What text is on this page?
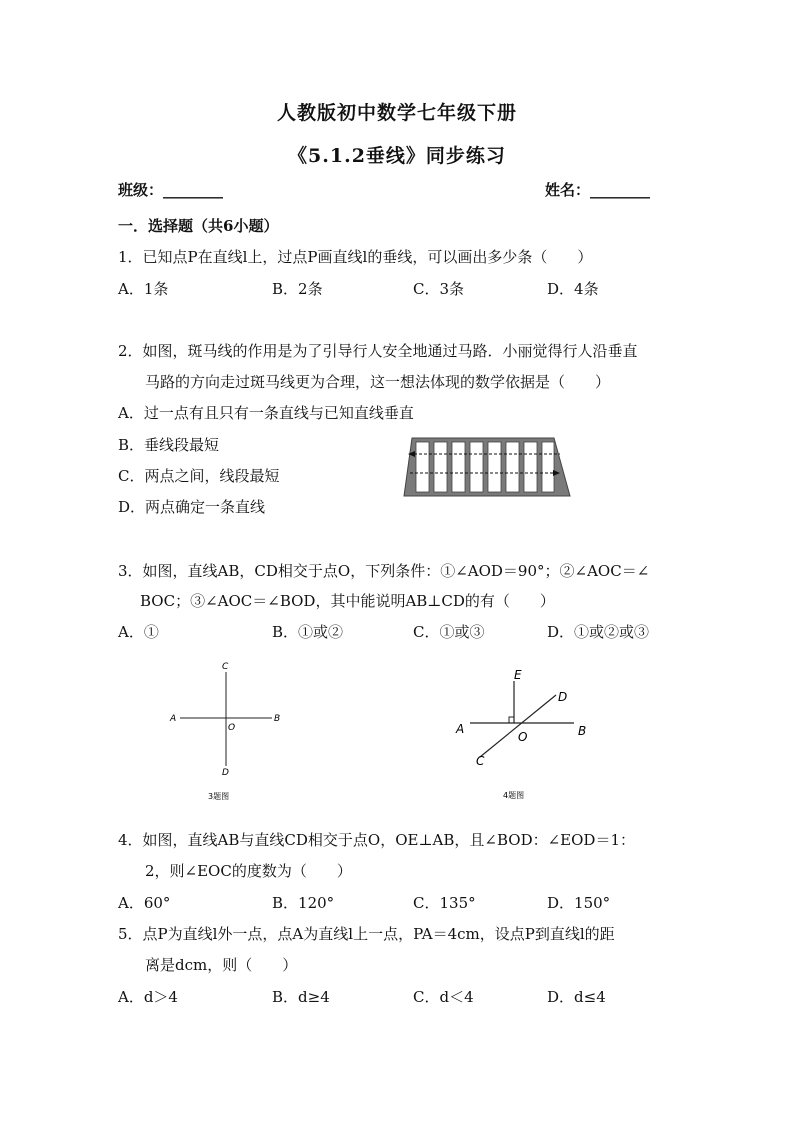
人教版初中数学七年级下册
《5.1.2垂线》同步练习
班级：________	姓名：________
一．选择题（共6小题）
1．已知点P在直线l上，过点P画直线l的垂线，可以画出多少条（　　）
A．1条	B．2条	C．3条	D．4条
2．如图，斑马线的作用是为了引导行人安全地通过马路．小丽觉得行人沿垂直
马路的方向走过斑马线更为合理，这一想法体现的数学依据是（　　）
A．过一点有且只有一条直线与已知直线垂直
B．垂线段最短
C．两点之间，线段最短
D．两点确定一条直线
3．如图，直线AB，CD相交于点O，下列条件：①∠AOD＝90°；②∠AOC＝∠
BOC；③∠AOC＝∠BOD，其中能说明AB⊥CD的有（　　）
A．①	B．①或②	C．①或③	D．①或②或③
C
A	B
O
D
3题图
E
A	B
D
O
C
4题图
4．如图，直线AB与直线CD相交于点O，OE⊥AB，且∠BOD：∠EOD＝1：
2，则∠EOC的度数为（　　）
A．60°	B．120°	C．135°	D．150°
5．点P为直线l外一点，点A为直线l上一点，PA＝4cm，设点P到直线l的距
离是dcm，则（　　）
A．d＞4	B．d≥4	C．d＜4	D．d≤4
